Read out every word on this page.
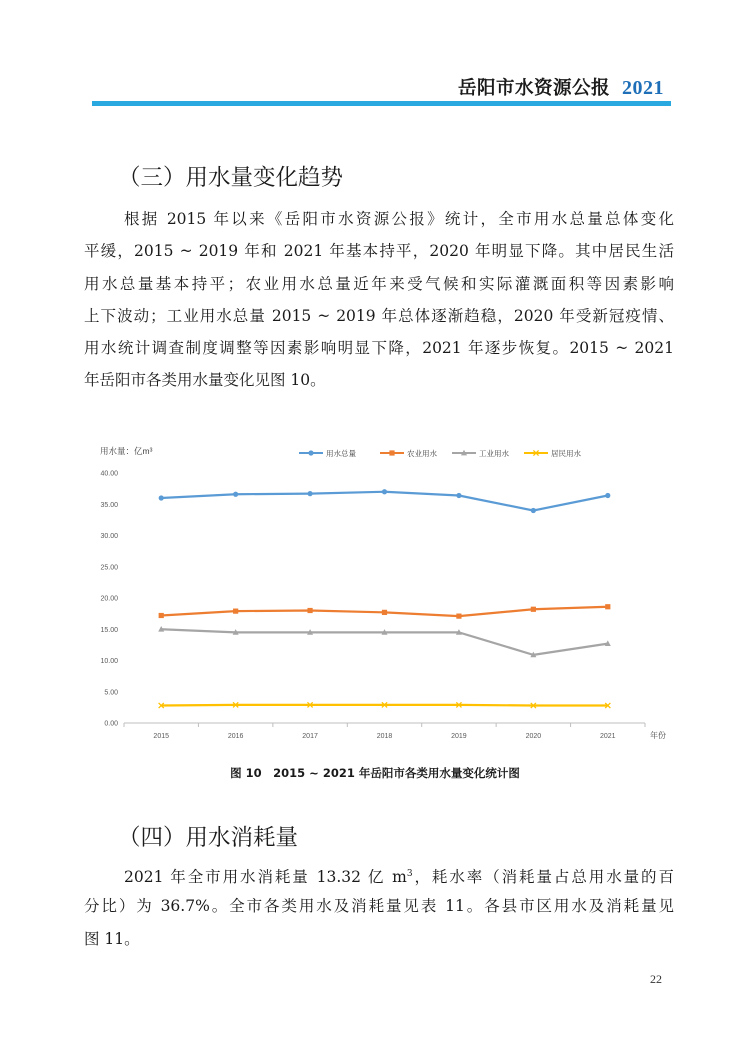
岳阳市水资源公报 2021
（三）用水量变化趋势
根据 2015 年以来《岳阳市水资源公报》统计，全市用水总量总体变化
平缓，2015 ~ 2019 年和 2021 年基本持平，2020 年明显下降。其中居民生活
用水总量基本持平；农业用水总量近年来受气候和实际灌溉面积等因素影响
上下波动；工业用水总量 2015 ~ 2019 年总体逐渐趋稳，2020 年受新冠疫情、
用水统计调查制度调整等因素影响明显下降，2021 年逐步恢复。2015 ~ 2021
年岳阳市各类用水量变化见图 10。
用水量：亿m³	用水总量	农业用水	工业用水	居民用水
0.00
5.00
10.00
15.00
20.00
25.00
30.00
35.00
40.00
2015	2016	2017	2018	2019	2020	2021	年份
图 10　2015 ~ 2021 年岳阳市各类用水量变化统计图
（四）用水消耗量
2021 年全市用水消耗量 13.32 亿 $m^3$，耗水率（消耗量占总用水量的百
分比）为 36.7%。全市各类用水及消耗量见表 11。各县市区用水及消耗量见
图 11。
22
